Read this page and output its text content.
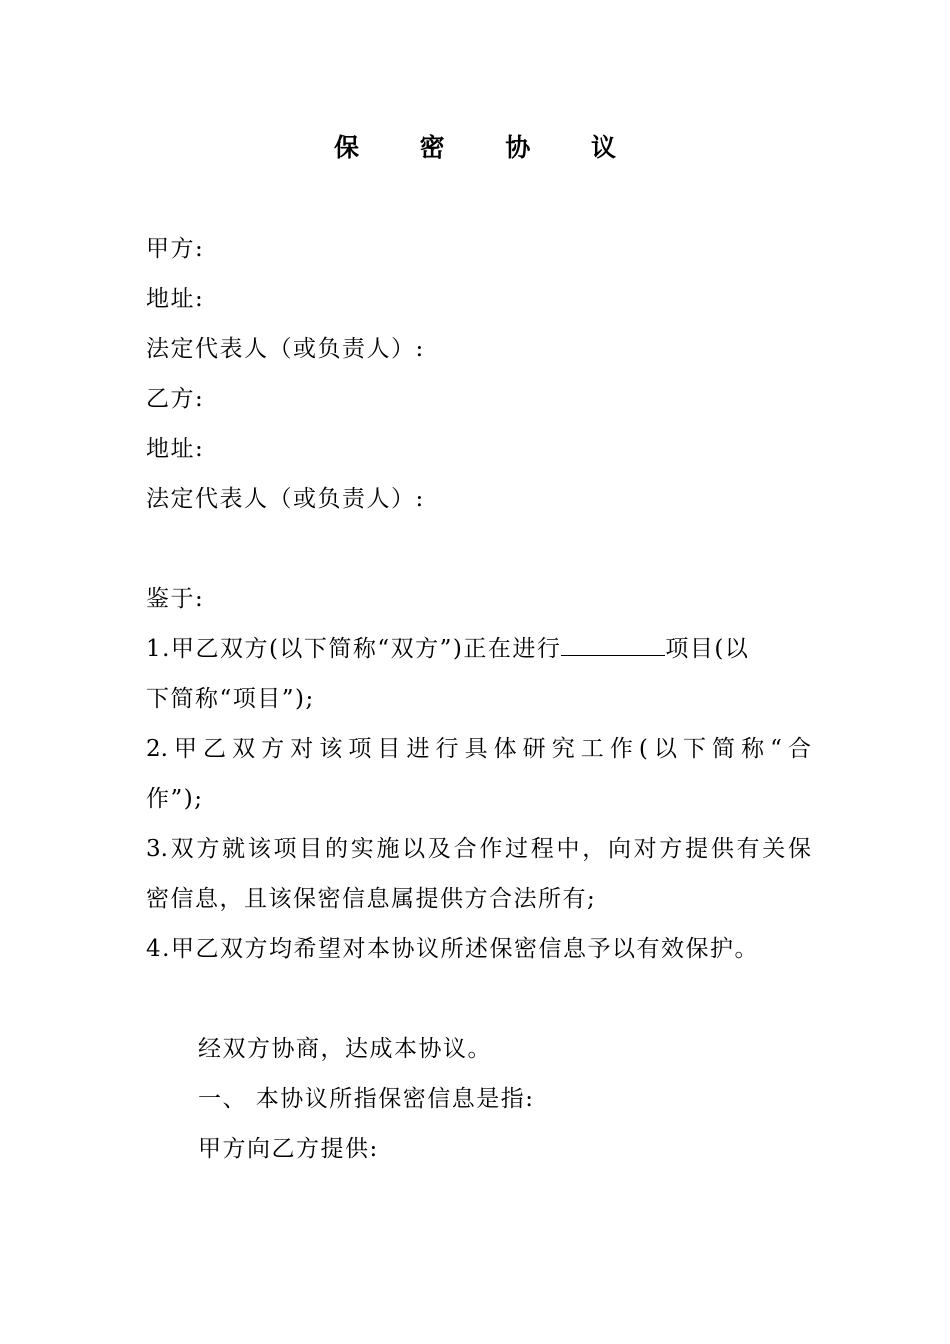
保 密 协 议
甲方:
地址:
法定代表人（或负责人）:
乙方:
地址:
法定代表人（或负责人）:
鉴于:
1.甲乙双方(以下简称“双方”)正在进行	项目(以
下简称“项目”);
2.甲乙双方对该项目进行具体研究工作(以下简称“合
作”);
3.双方就该项目的实施以及合作过程中，向对方提供有关保
密信息，且该保密信息属提供方合法所有;
4.甲乙双方均希望对本协议所述保密信息予以有效保护。
经双方协商，达成本协议。
一、 本协议所指保密信息是指:
甲方向乙方提供:
